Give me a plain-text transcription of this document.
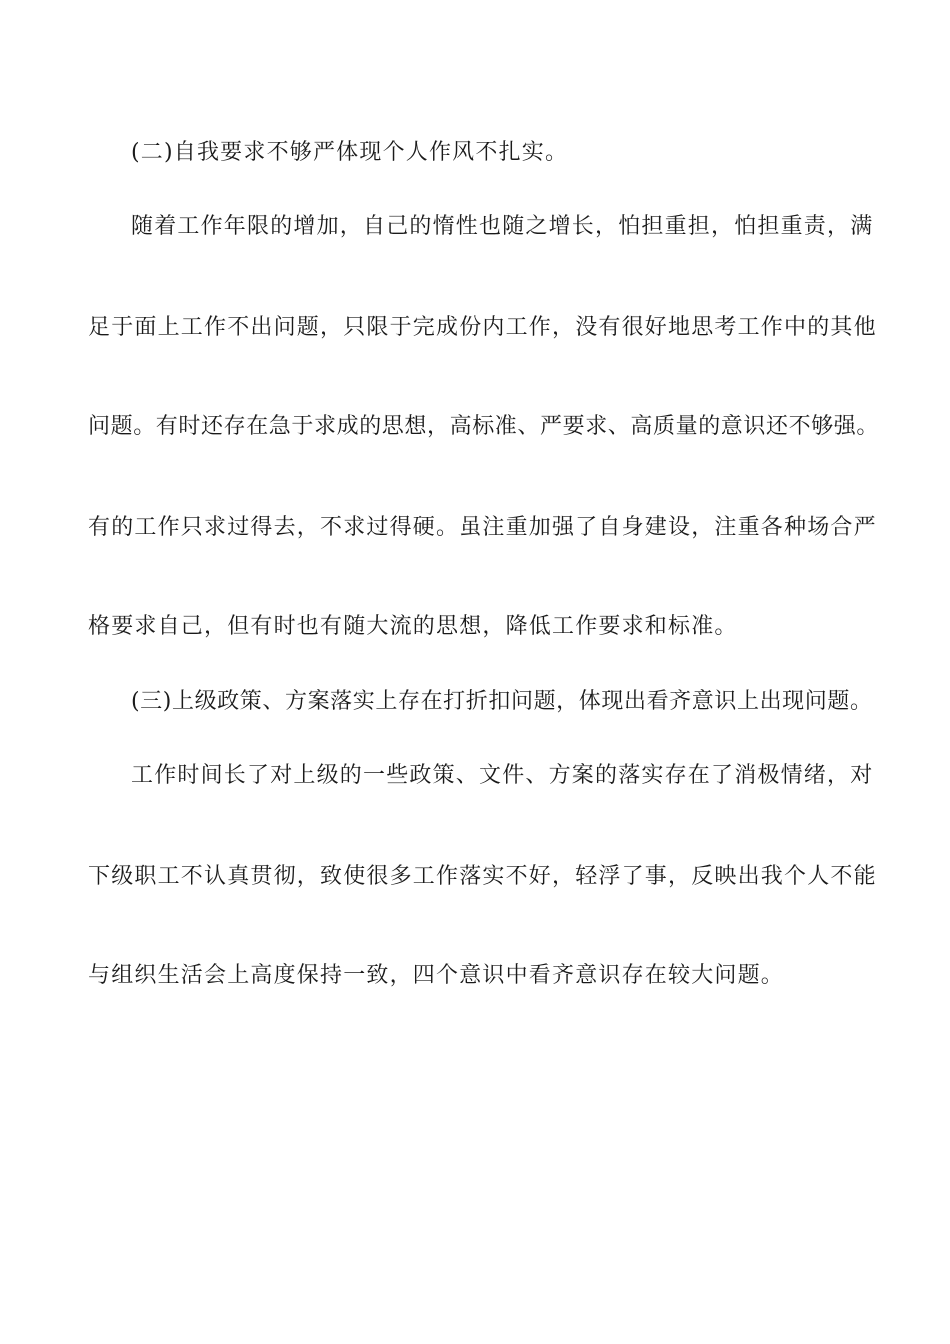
(二)自我要求不够严体现个人作风不扎实。
随着工作年限的增加，自己的惰性也随之增长，怕担重担，怕担重责，满
足于面上工作不出问题，只限于完成份内工作，没有很好地思考工作中的其他
问题。有时还存在急于求成的思想，高标准、严要求、高质量的意识还不够强。
有的工作只求过得去，不求过得硬。虽注重加强了自身建设，注重各种场合严
格要求自己，但有时也有随大流的思想，降低工作要求和标准。
(三)上级政策、方案落实上存在打折扣问题，体现出看齐意识上出现问题。
工作时间长了对上级的一些政策、文件、方案的落实存在了消极情绪，对
下级职工不认真贯彻，致使很多工作落实不好，轻浮了事，反映出我个人不能
与组织生活会上高度保持一致，四个意识中看齐意识存在较大问题。
